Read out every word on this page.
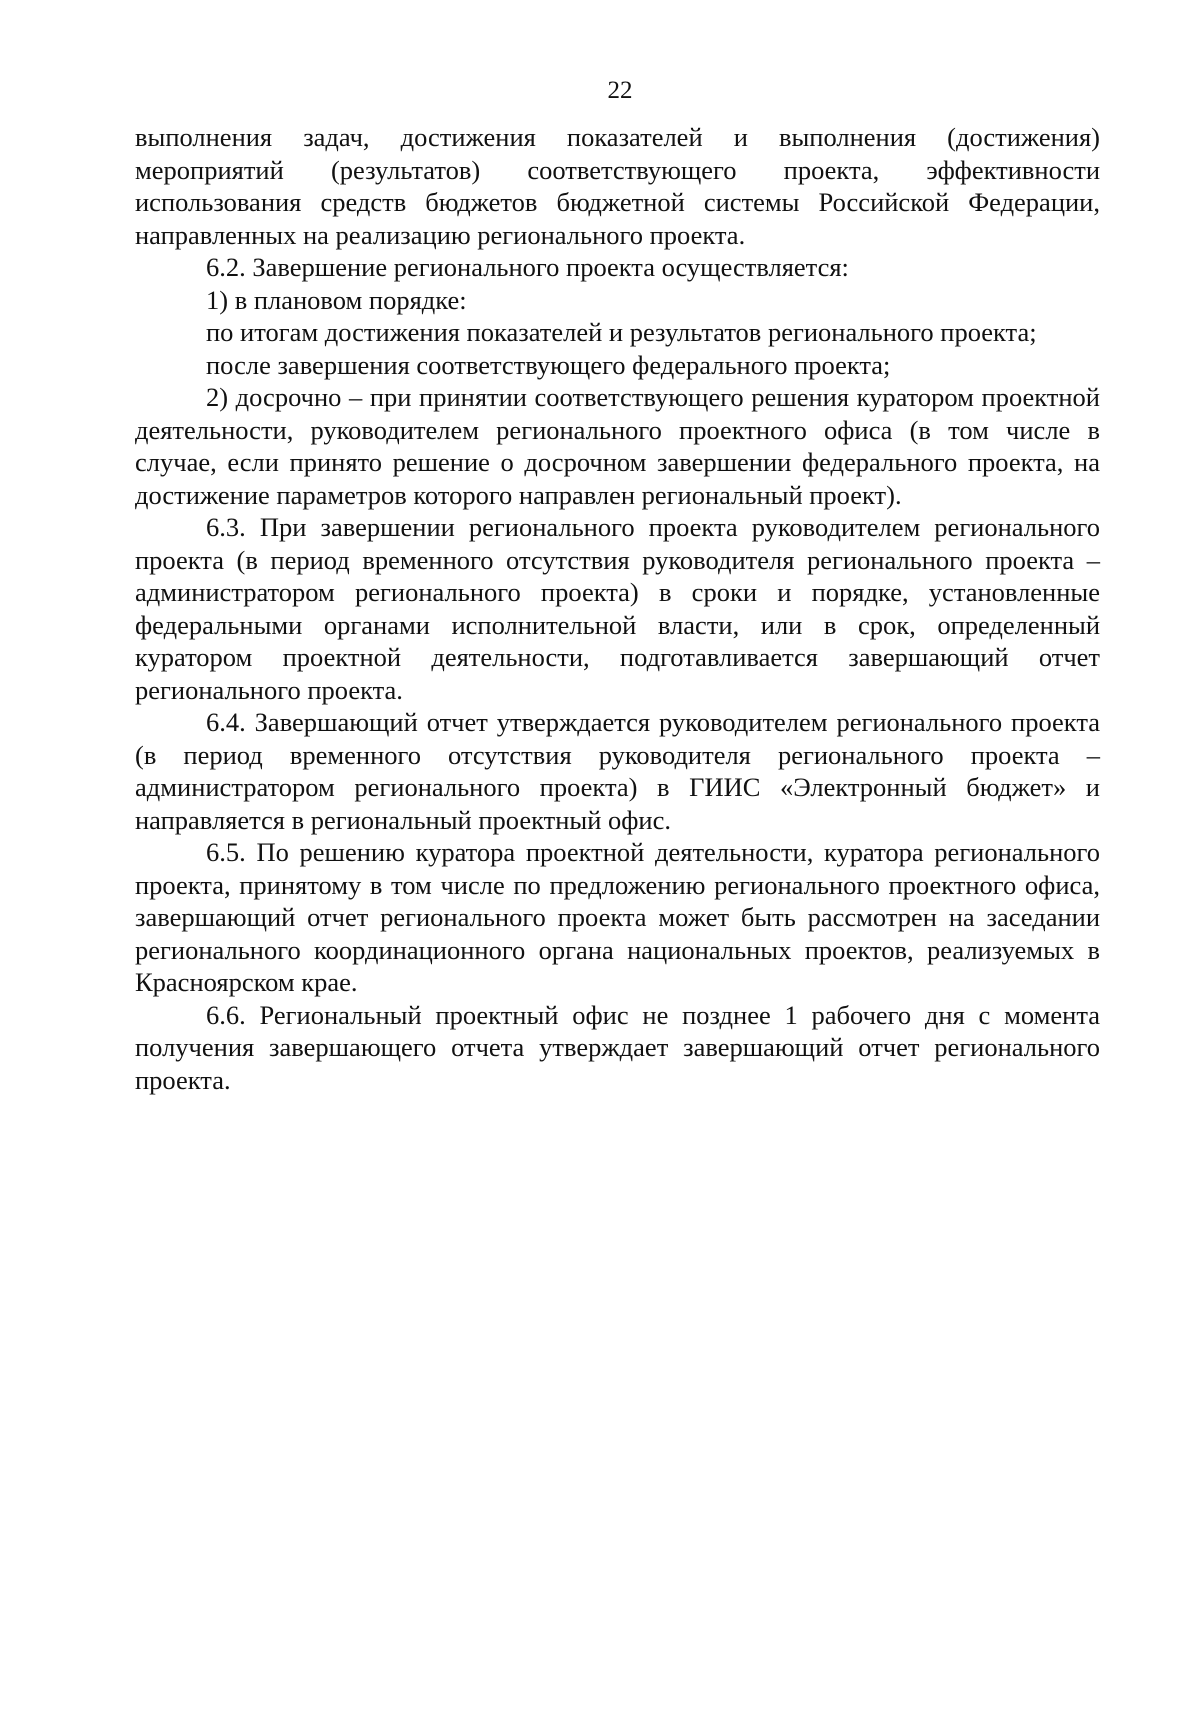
22

выполнения задач, достижения показателей и выполнения (достижения) мероприятий (результатов) соответствующего проекта, эффективности использования средств бюджетов бюджетной системы Российской Федерации, направленных на реализацию регионального проекта.

6.2. Завершение регионального проекта осуществляется:

1) в плановом порядке:

по итогам достижения показателей и результатов регионального проекта;

после завершения соответствующего федерального проекта;

2) досрочно – при принятии соответствующего решения куратором проектной деятельности, руководителем регионального проектного офиса (в том числе в случае, если принято решение о досрочном завершении федерального проекта, на достижение параметров которого направлен региональный проект).

6.3. При завершении регионального проекта руководителем регионального проекта (в период временного отсутствия руководителя регионального проекта – администратором регионального проекта) в сроки и порядке, установленные федеральными органами исполнительной власти, или в срок, определенный куратором проектной деятельности, подготавливается завершающий отчет регионального проекта.

6.4. Завершающий отчет утверждается руководителем регионального проекта (в период временного отсутствия руководителя регионального проекта – администратором регионального проекта) в ГИИС «Электронный бюджет» и направляется в региональный проектный офис.

6.5. По решению куратора проектной деятельности, куратора регионального проекта, принятому в том числе по предложению регионального проектного офиса, завершающий отчет регионального проекта может быть рассмотрен на заседании регионального координационного органа национальных проектов, реализуемых в Красноярском крае.

6.6. Региональный проектный офис не позднее 1 рабочего дня с момента получения завершающего отчета утверждает завершающий отчет регионального проекта.
